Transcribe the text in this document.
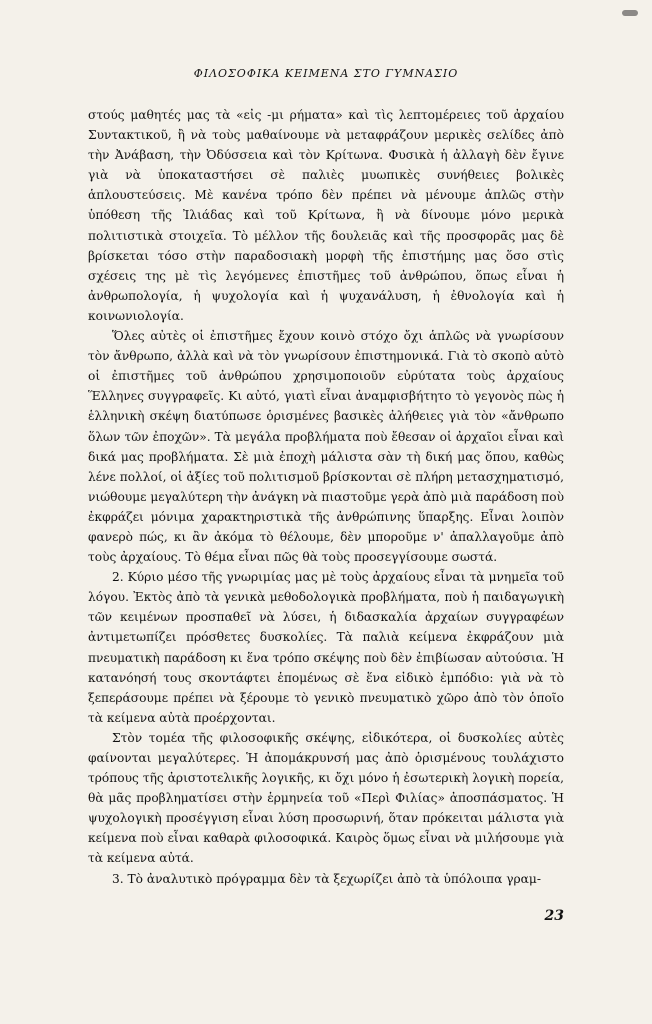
ΦΙΛΟΣΟΦΙΚΑ ΚΕΙΜΕΝΑ ΣΤΟ ΓΥΜΝΑΣΙΟ

στούς μαθητές μας τὰ «εἰς -μι ρήματα» καὶ τὶς λεπτομέρειες τοῦ ἀρχαίου Συντακτικοῦ, ἢ νὰ τοὺς μαθαίνουμε νὰ μεταφράζουν μερικὲς σελίδες ἀπὸ τὴν Ἀνάβαση, τὴν Ὀδύσσεια καὶ τὸν Κρίτωνα. Φυσικὰ ἡ ἀλλαγὴ δὲν ἔγινε γιὰ νὰ ὑποκαταστήσει σὲ παλιὲς μυωπικὲς συνήθειες βολικὲς ἁπλουστεύσεις. Μὲ κανένα τρόπο δὲν πρέπει νὰ μένουμε ἁπλῶς στὴν ὑπόθεση τῆς Ἰλιάδας καὶ τοῦ Κρίτωνα, ἢ νὰ δίνουμε μόνο μερικὰ πολιτιστικὰ στοιχεῖα. Τὸ μέλλον τῆς δουλειᾶς καὶ τῆς προσφορᾶς μας δὲ βρίσκεται τόσο στὴν παραδοσιακὴ μορφὴ τῆς ἐπιστήμης μας ὅσο στὶς σχέσεις της μὲ τὶς λεγόμενες ἐπιστῆμες τοῦ ἀνθρώπου, ὅπως εἶναι ἡ ἀνθρωπολογία, ἡ ψυχολογία καὶ ἡ ψυχανάλυση, ἡ ἐθνολογία καὶ ἡ κοινωνιολογία.

Ὅλες αὐτὲς οἱ ἐπιστῆμες ἔχουν κοινὸ στόχο ὄχι ἁπλῶς νὰ γνωρίσουν τὸν ἄνθρωπο, ἀλλὰ καὶ νὰ τὸν γνωρίσουν ἐπιστημονικά. Γιὰ τὸ σκοπὸ αὐτὸ οἱ ἐπιστῆμες τοῦ ἀνθρώπου χρησιμοποιοῦν εὐρύτατα τοὺς ἀρχαίους Ἕλληνες συγγραφεῖς. Κι αὐτό, γιατὶ εἶναι ἀναμφισβήτητο τὸ γεγονὸς πὼς ἡ ἑλληνικὴ σκέψη διατύπωσε ὁρισμένες βασικὲς ἀλήθειες γιὰ τὸν «ἄνθρωπο ὅλων τῶν ἐποχῶν». Τὰ μεγάλα προβλήματα ποὺ ἔθεσαν οἱ ἀρχαῖοι εἶναι καὶ δικά μας προβλήματα. Σὲ μιὰ ἐποχὴ μάλιστα σὰν τὴ δική μας ὅπου, καθὼς λένε πολλοί, οἱ ἀξίες τοῦ πολιτισμοῦ βρίσκονται σὲ πλήρη μετασχηματισμό, νιώθουμε μεγαλύτερη τὴν ἀνάγκη νὰ πιαστοῦμε γερὰ ἀπὸ μιὰ παράδοση ποὺ ἐκφράζει μόνιμα χαρακτηριστικὰ τῆς ἀνθρώπινης ὕπαρξης. Εἶναι λοιπὸν φανερὸ πώς, κι ἂν ἀκόμα τὸ θέλουμε, δὲν μποροῦμε ν' ἀπαλλαγοῦμε ἀπὸ τοὺς ἀρχαίους. Τὸ θέμα εἶναι πῶς θὰ τοὺς προσεγγίσουμε σωστά.

2. Κύριο μέσο τῆς γνωριμίας μας μὲ τοὺς ἀρχαίους εἶναι τὰ μνημεῖα τοῦ λόγου. Ἐκτὸς ἀπὸ τὰ γενικὰ μεθοδολογικὰ προβλήματα, ποὺ ἡ παιδαγωγικὴ τῶν κειμένων προσπαθεῖ νὰ λύσει, ἡ διδασκαλία ἀρχαίων συγγραφέων ἀντιμετωπίζει πρόσθετες δυσκολίες. Τὰ παλιὰ κείμενα ἐκφράζουν μιὰ πνευματικὴ παράδοση κι ἕνα τρόπο σκέψης ποὺ δὲν ἐπιβίωσαν αὐτούσια. Ἡ κατανόησή τους σκοντάφτει ἑπομένως σὲ ἕνα εἰδικὸ ἐμπόδιο: γιὰ νὰ τὸ ξεπεράσουμε πρέπει νὰ ξέρουμε τὸ γενικὸ πνευματικὸ χῶρο ἀπὸ τὸν ὁποῖο τὰ κείμενα αὐτὰ προέρχονται.

Στὸν τομέα τῆς φιλοσοφικῆς σκέψης, εἰδικότερα, οἱ δυσκολίες αὐτὲς φαίνονται μεγαλύτερες. Ἡ ἀπομάκρυνσή μας ἀπὸ ὁρισμένους τουλάχιστο τρόπους τῆς ἀριστοτελικῆς λογικῆς, κι ὄχι μόνο ἡ ἐσωτερικὴ λογικὴ πορεία, θὰ μᾶς προβληματίσει στὴν ἑρμηνεία τοῦ «Περὶ Φιλίας» ἀποσπάσματος. Ἡ ψυχολογικὴ προσέγγιση εἶναι λύση προσωρινή, ὅταν πρόκειται μάλιστα γιὰ κείμενα ποὺ εἶναι καθαρὰ φιλοσοφικά. Καιρὸς ὅμως εἶναι νὰ μιλήσουμε γιὰ τὰ κείμενα αὐτά.

3. Τὸ ἀναλυτικὸ πρόγραμμα δὲν τὰ ξεχωρίζει ἀπὸ τὰ ὑπόλοιπα γραμ-

23
